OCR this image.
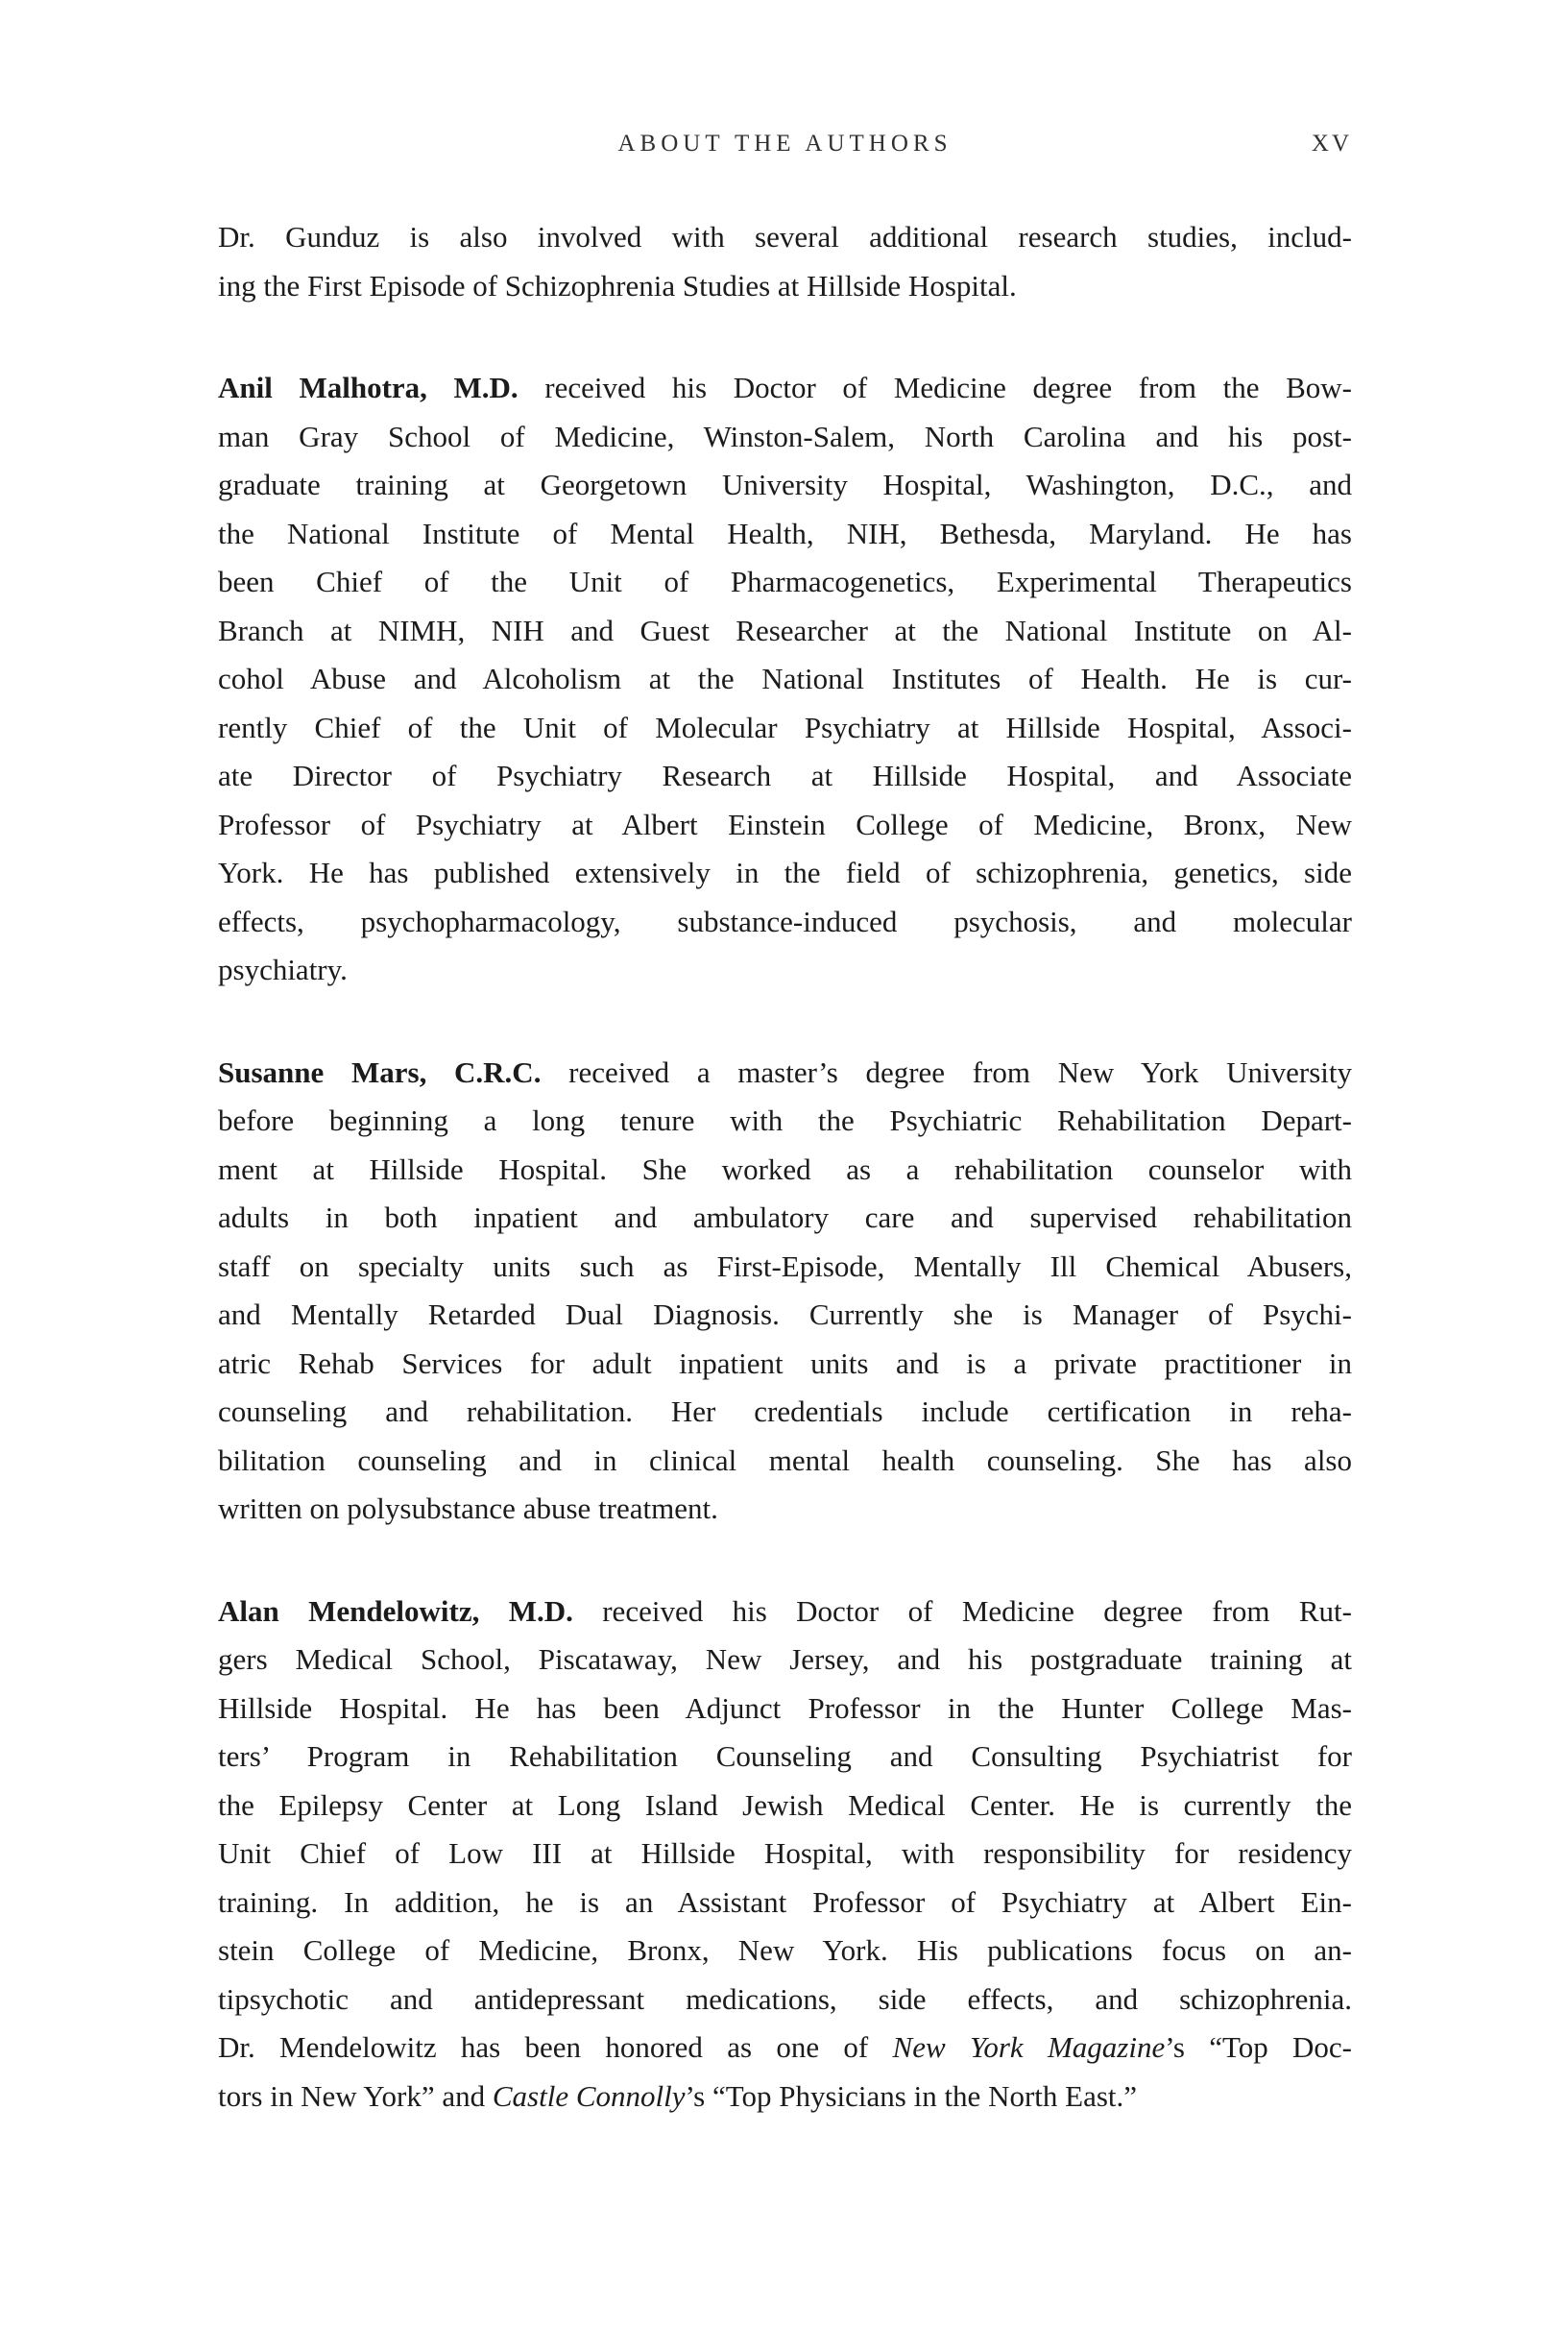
ABOUT THE AUTHORS	XV
Dr. Gunduz is also involved with several additional research studies, includ-
ing the First Episode of Schizophrenia Studies at Hillside Hospital.
Anil Malhotra, M.D. received his Doctor of Medicine degree from the Bow-
man Gray School of Medicine, Winston-Salem, North Carolina and his post-
graduate training at Georgetown University Hospital, Washington, D.C., and
the National Institute of Mental Health, NIH, Bethesda, Maryland. He has
been Chief of the Unit of Pharmacogenetics, Experimental Therapeutics
Branch at NIMH, NIH and Guest Researcher at the National Institute on Al-
cohol Abuse and Alcoholism at the National Institutes of Health. He is cur-
rently Chief of the Unit of Molecular Psychiatry at Hillside Hospital, Associ-
ate Director of Psychiatry Research at Hillside Hospital, and Associate
Professor of Psychiatry at Albert Einstein College of Medicine, Bronx, New
York. He has published extensively in the field of schizophrenia, genetics, side
effects, psychopharmacology, substance-induced psychosis, and molecular
psychiatry.
Susanne Mars, C.R.C. received a master’s degree from New York University
before beginning a long tenure with the Psychiatric Rehabilitation Depart-
ment at Hillside Hospital. She worked as a rehabilitation counselor with
adults in both inpatient and ambulatory care and supervised rehabilitation
staff on specialty units such as First-Episode, Mentally Ill Chemical Abusers,
and Mentally Retarded Dual Diagnosis. Currently she is Manager of Psychi-
atric Rehab Services for adult inpatient units and is a private practitioner in
counseling and rehabilitation. Her credentials include certification in reha-
bilitation counseling and in clinical mental health counseling. She has also
written on polysubstance abuse treatment.
Alan Mendelowitz, M.D. received his Doctor of Medicine degree from Rut-
gers Medical School, Piscataway, New Jersey, and his postgraduate training at
Hillside Hospital. He has been Adjunct Professor in the Hunter College Mas-
ters’ Program in Rehabilitation Counseling and Consulting Psychiatrist for
the Epilepsy Center at Long Island Jewish Medical Center. He is currently the
Unit Chief of Low III at Hillside Hospital, with responsibility for residency
training. In addition, he is an Assistant Professor of Psychiatry at Albert Ein-
stein College of Medicine, Bronx, New York. His publications focus on an-
tipsychotic and antidepressant medications, side effects, and schizophrenia.
Dr. Mendelowitz has been honored as one of New York Magazine’s “Top Doc-
tors in New York” and Castle Connolly’s “Top Physicians in the North East.”
